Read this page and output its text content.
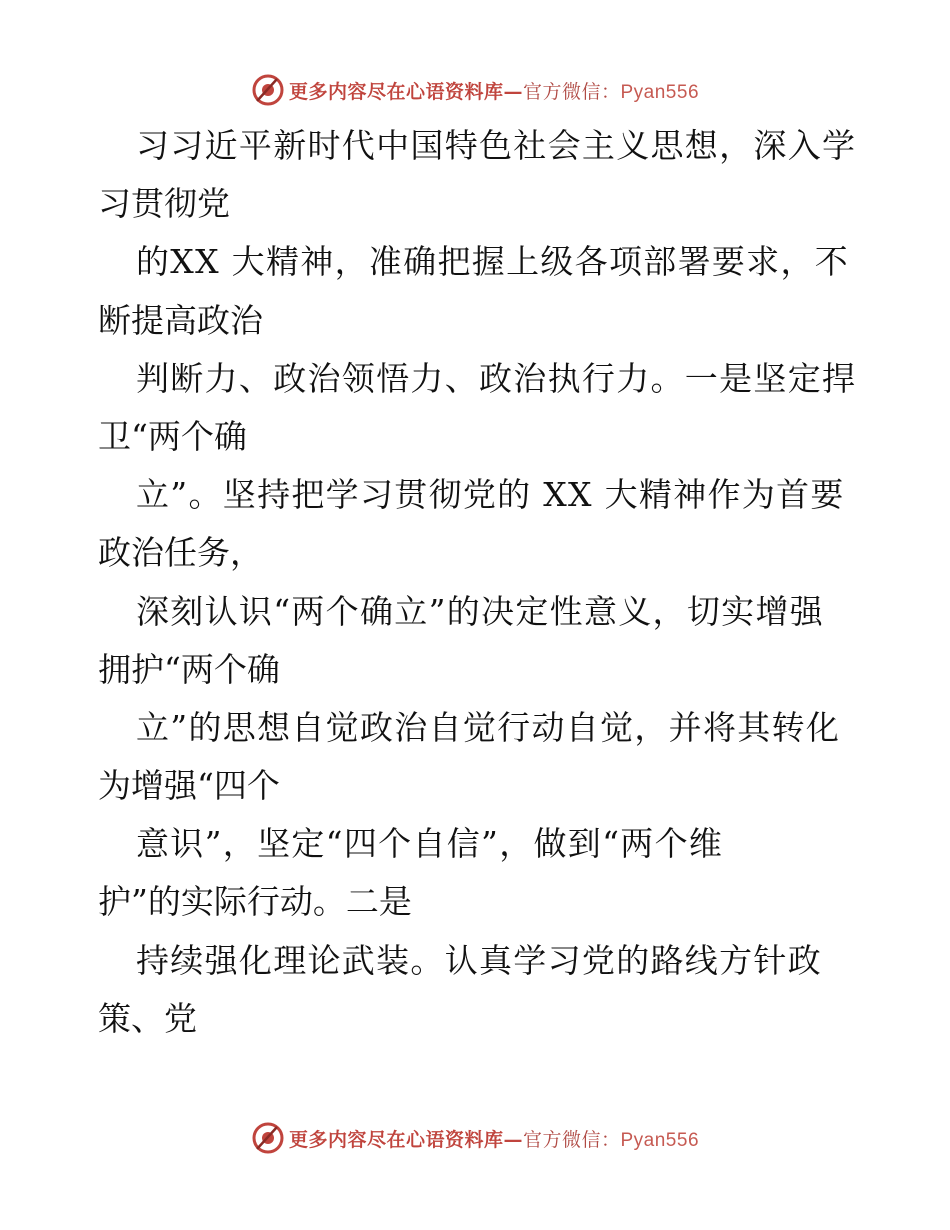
更多内容尽在心语资料库—官方微信：Pyan556
习习近平新时代中国特色社会主义思想，深入学
习贯彻党
的XX 大精神，准确把握上级各项部署要求，不
断提高政治
判断力、政治领悟力、政治执行力。一是坚定捍
卫“两个确
立”。坚持把学习贯彻党的 XX 大精神作为首要
政治任务，
深刻认识“两个确立”的决定性意义，切实增强
拥护“两个确
立”的思想自觉政治自觉行动自觉，并将其转化
为增强“四个
意识”，坚定“四个自信”，做到“两个维
护”的实际行动。二是
持续强化理论武装。认真学习党的路线方针政
策、党
更多内容尽在心语资料库—官方微信：Pyan556
